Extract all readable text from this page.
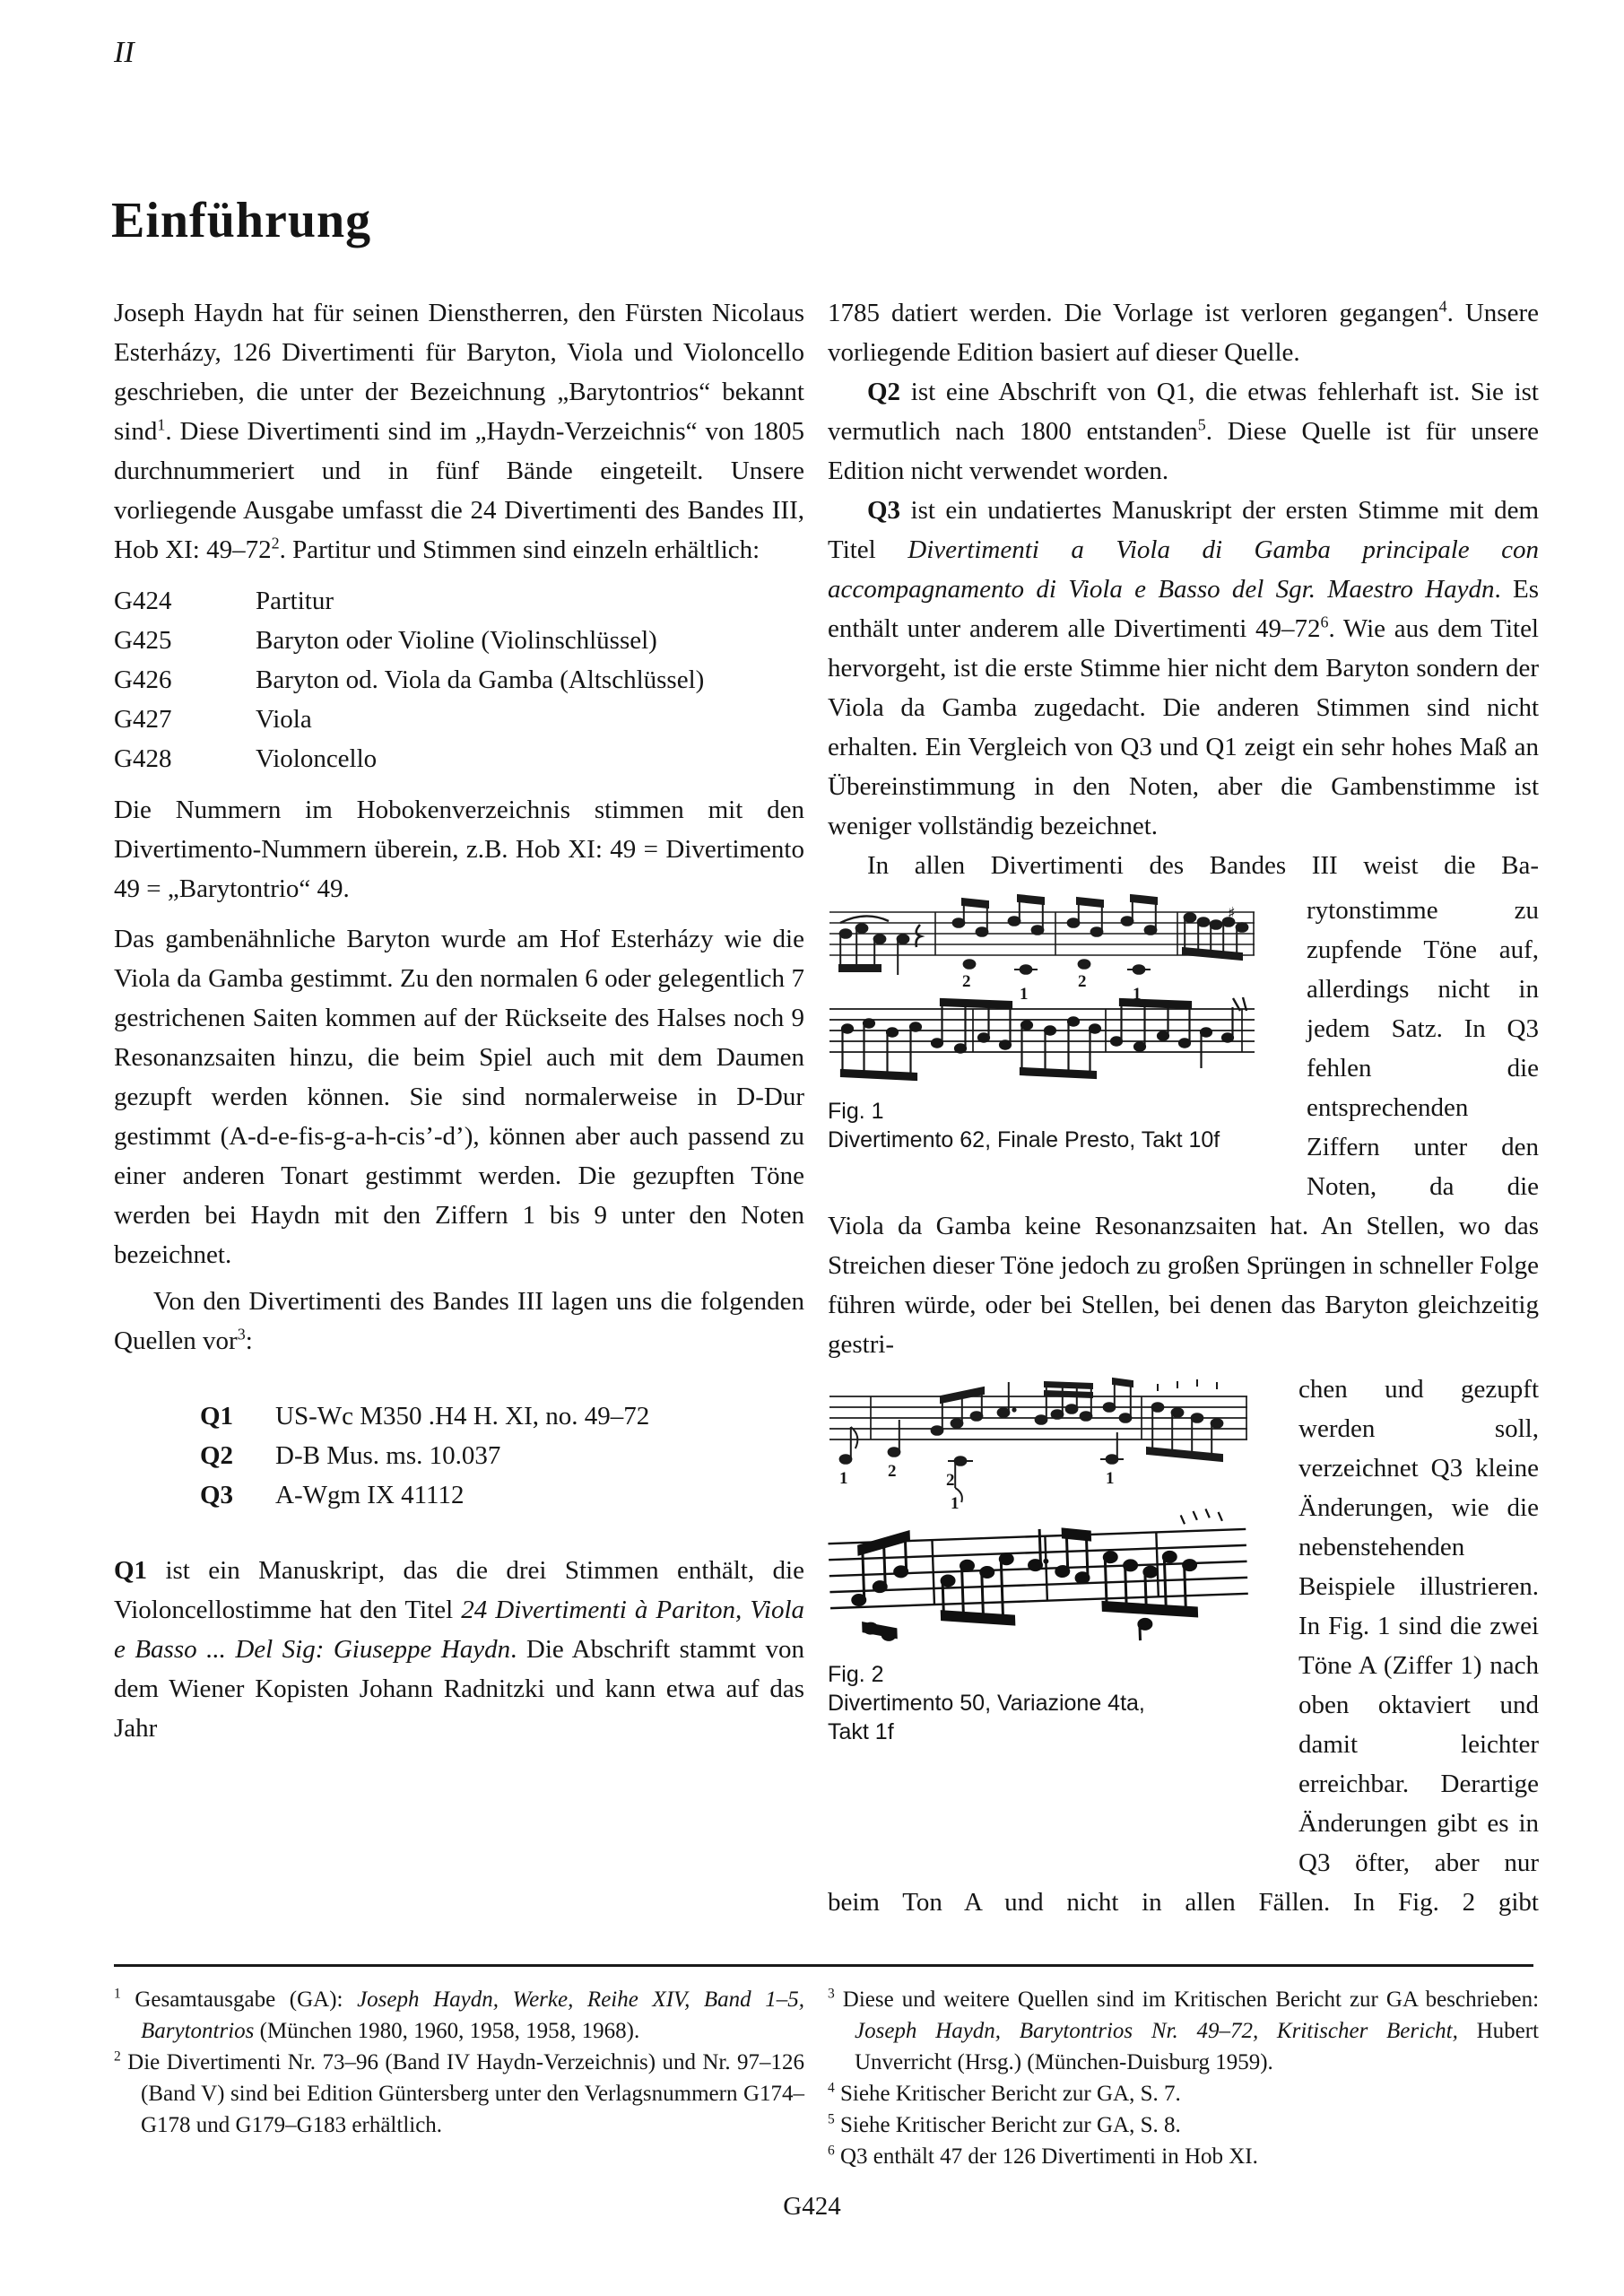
II
Einführung

Joseph Haydn hat für seinen Dienstherren, den Fürsten Nicolaus Esterházy, 126 Divertimenti für Baryton, Viola und Violoncello geschrieben, die unter der Bezeichnung „Barytontrios“ bekannt sind$^1$. Diese Divertimenti sind im „Haydn-Verzeichnis“ von 1805 durchnummeriert und in fünf Bände eingeteilt. Unsere vorliegende Ausgabe umfasst die 24 Divertimenti des Bandes III, Hob XI: $49-72^2$. Partitur und Stimmen sind einzeln erhältlich:

G424	Partitur
G425	Baryton oder Violine (Violinschlüssel)
G426	Baryton od. Viola da Gamba (Altschlüssel)
G427	Viola
G428	Violoncello

Die Nummern im Hobokenverzeichnis stimmen mit den Divertimento-Nummern überein, z.B. Hob XI: 49 = Divertimento 49 = „Barytontrio“ 49.

Das gambenähnliche Baryton wurde am Hof Esterházy wie die Viola da Gamba gestimmt. Zu den normalen 6 oder gelegentlich 7 gestrichenen Saiten kommen auf der Rückseite des Halses noch 9 Resonanzsaiten hinzu, die beim Spiel auch mit dem Daumen gezupft werden können. Sie sind normalerweise in D-Dur gestimmt (A-d-e-fis-g-a-h-cis’-d’), können aber auch passend zu einer anderen Tonart gestimmt werden. Die gezupften Töne werden bei Haydn mit den Ziffern 1 bis 9 unter den Noten bezeichnet.

Von den Divertimenti des Bandes III lagen uns die folgenden Quellen vor$^3$:

Q1	US-Wc M350 .H4 H. XI, no. 49–72
Q2	D-B Mus. ms. 10.037
Q3	A-Wgm IX 41112

Q1 ist ein Manuskript, das die drei Stimmen enthält, die Violoncellostimme hat den Titel 24 Divertimenti à Pariton, Viola e Basso ... Del Sig: Giuseppe Haydn. Die Abschrift stammt von dem Wiener Kopisten Johann Radnitzki und kann etwa auf das Jahr

1785 datiert werden. Die Vorlage ist verloren gegangen$^4$. Unsere vorliegende Edition basiert auf dieser Quelle.

Q2 ist eine Abschrift von Q1, die etwas fehlerhaft ist. Sie ist vermutlich nach 1800 entstanden$^5$. Diese Quelle ist für unsere Edition nicht verwendet worden.

Q3 ist ein undatiertes Manuskript der ersten Stimme mit dem Titel Divertimenti a Viola di Gamba principale con accompagnamento di Viola e Basso del Sgr. Maestro Haydn. Es enthält unter anderem alle Divertimenti $49-72^6$. Wie aus dem Titel hervorgeht, ist die erste Stimme hier nicht dem Baryton sondern der Viola da Gamba zugedacht. Die anderen Stimmen sind nicht erhalten. Ein Vergleich von Q3 und Q1 zeigt ein sehr hohes Maß an Übereinstimmung in den Noten, aber die Gambenstimme ist weniger vollständig bezeichnet.

In allen Divertimenti des Bandes III weist die Ba-

♯
2
1
2
1
Fig. 1
Divertimento 62, Finale Presto, Takt 10f
rytonstimme zu zupfende Töne auf, allerdings nicht in jedem Satz. In Q3 fehlen die entsprechenden Ziffern unter den Noten, da die

Viola da Gamba keine Resonanzsaiten hat. An Stellen, wo das Streichen dieser Töne jedoch zu großen Sprüngen in schneller Folge führen würde, oder bei Stellen, bei denen das Baryton gleichzeitig gestri-

1 2	2
1
1
Fig. 2
Divertimento 50, Variazione 4ta,
Takt 1f
chen und gezupft werden soll, verzeichnet Q3 kleine Änderungen, wie die nebenstehenden Beispiele illustrieren. In Fig. 1 sind die zwei Töne A (Ziffer 1) nach oben oktaviert und damit leichter erreichbar. Derartige Änderungen gibt es in Q3 öfter, aber nur

beim Ton A und nicht in allen Fällen. In Fig. 2 gibt

$^1$ Gesamtausgabe (GA): Joseph Haydn, Werke, Reihe XIV, Band 1–5, Barytontrios (München 1980, 1960, 1958, 1958, 1968).
$^2$ Die Divertimenti Nr. 73–96 (Band IV Haydn-Verzeichnis) und Nr. 97–126 (Band V) sind bei Edition Güntersberg unter den Verlagsnummern G174–G178 und G179–G183 erhältlich.
$^3$ Diese und weitere Quellen sind im Kritischen Bericht zur GA beschrieben: Joseph Haydn, Barytontrios Nr. 49–72, Kritischer Bericht, Hubert Unverricht (Hrsg.) (München-Duisburg 1959).
$^4$ Siehe Kritischer Bericht zur GA, S. 7.
$^5$ Siehe Kritischer Bericht zur GA, S. 8.
$^6$ Q3 enthält 47 der 126 Divertimenti in Hob XI.
G424
